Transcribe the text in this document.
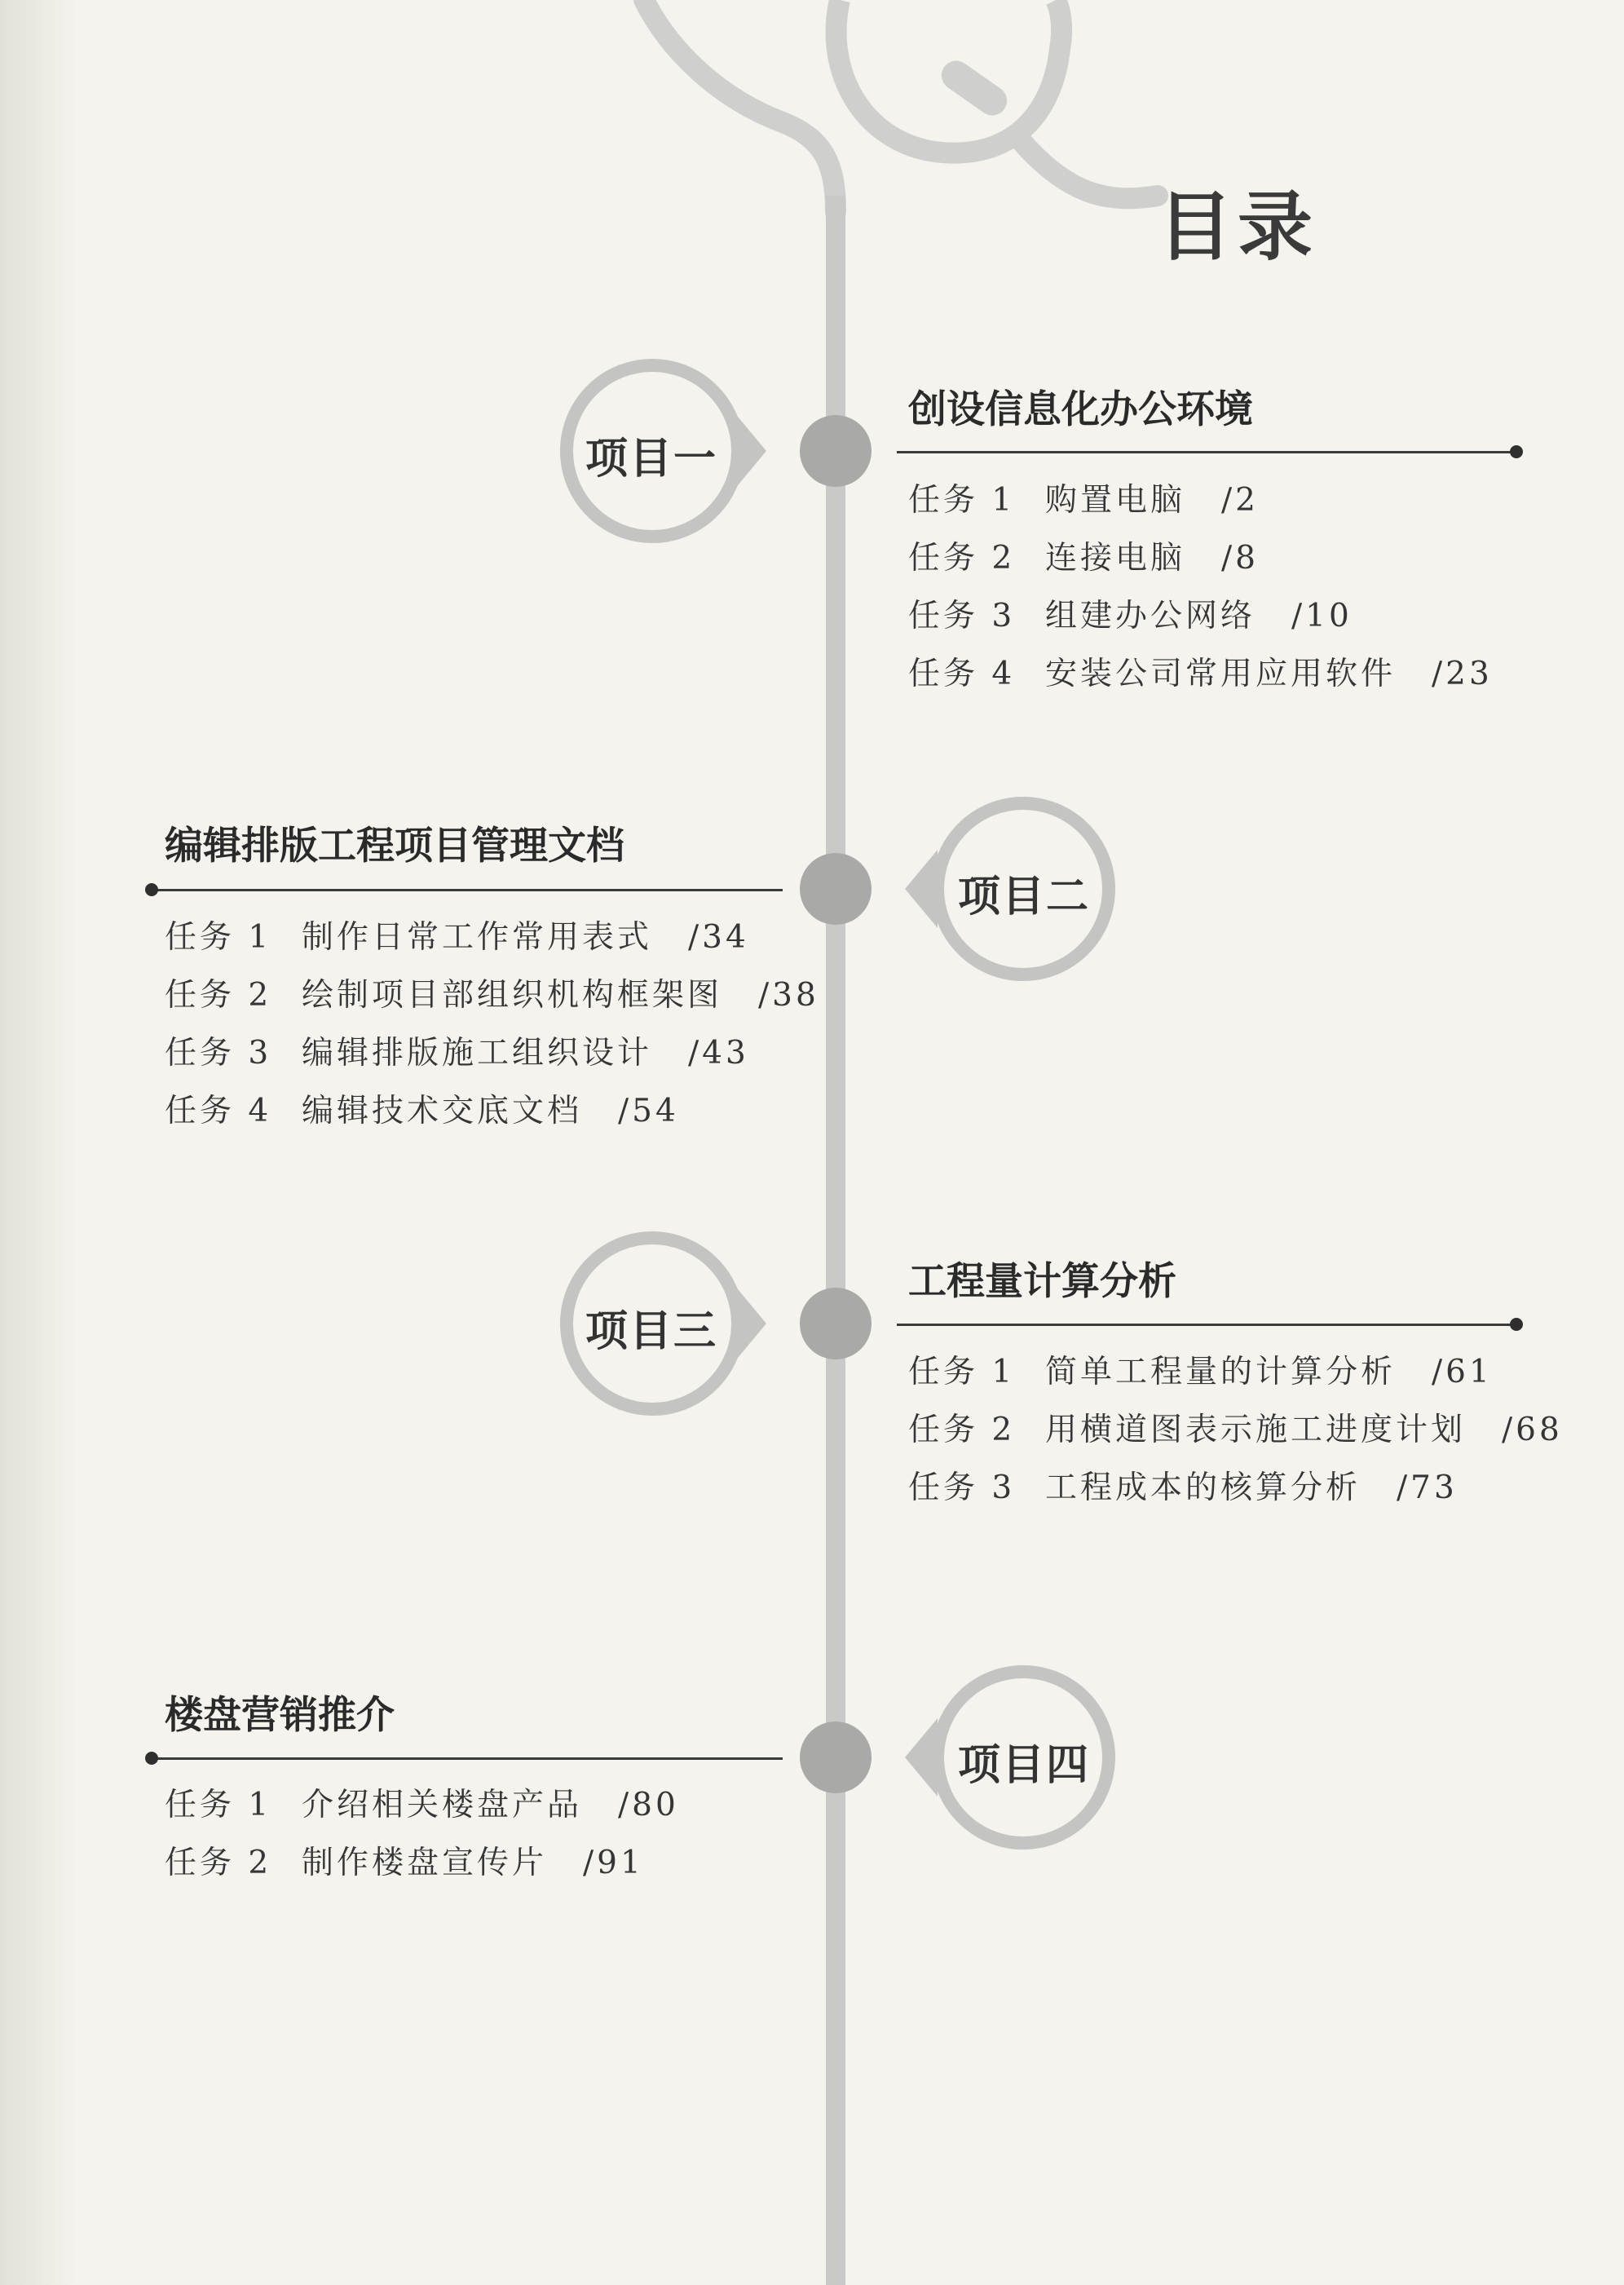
目录
项目一
创设信息化办公环境
任务 1 购置电脑 /2
任务 2 连接电脑 /8
任务 3 组建办公网络 /10
任务 4 安装公司常用应用软件 /23
项目二
编辑排版工程项目管理文档
任务 1 制作日常工作常用表式 /34
任务 2 绘制项目部组织机构框架图 /38
任务 3 编辑排版施工组织设计 /43
任务 4 编辑技术交底文档 /54
项目三
工程量计算分析
任务 1 简单工程量的计算分析 /61
任务 2 用横道图表示施工进度计划 /68
任务 3 工程成本的核算分析 /73
项目四
楼盘营销推介
任务 1 介绍相关楼盘产品 /80
任务 2 制作楼盘宣传片 /91
